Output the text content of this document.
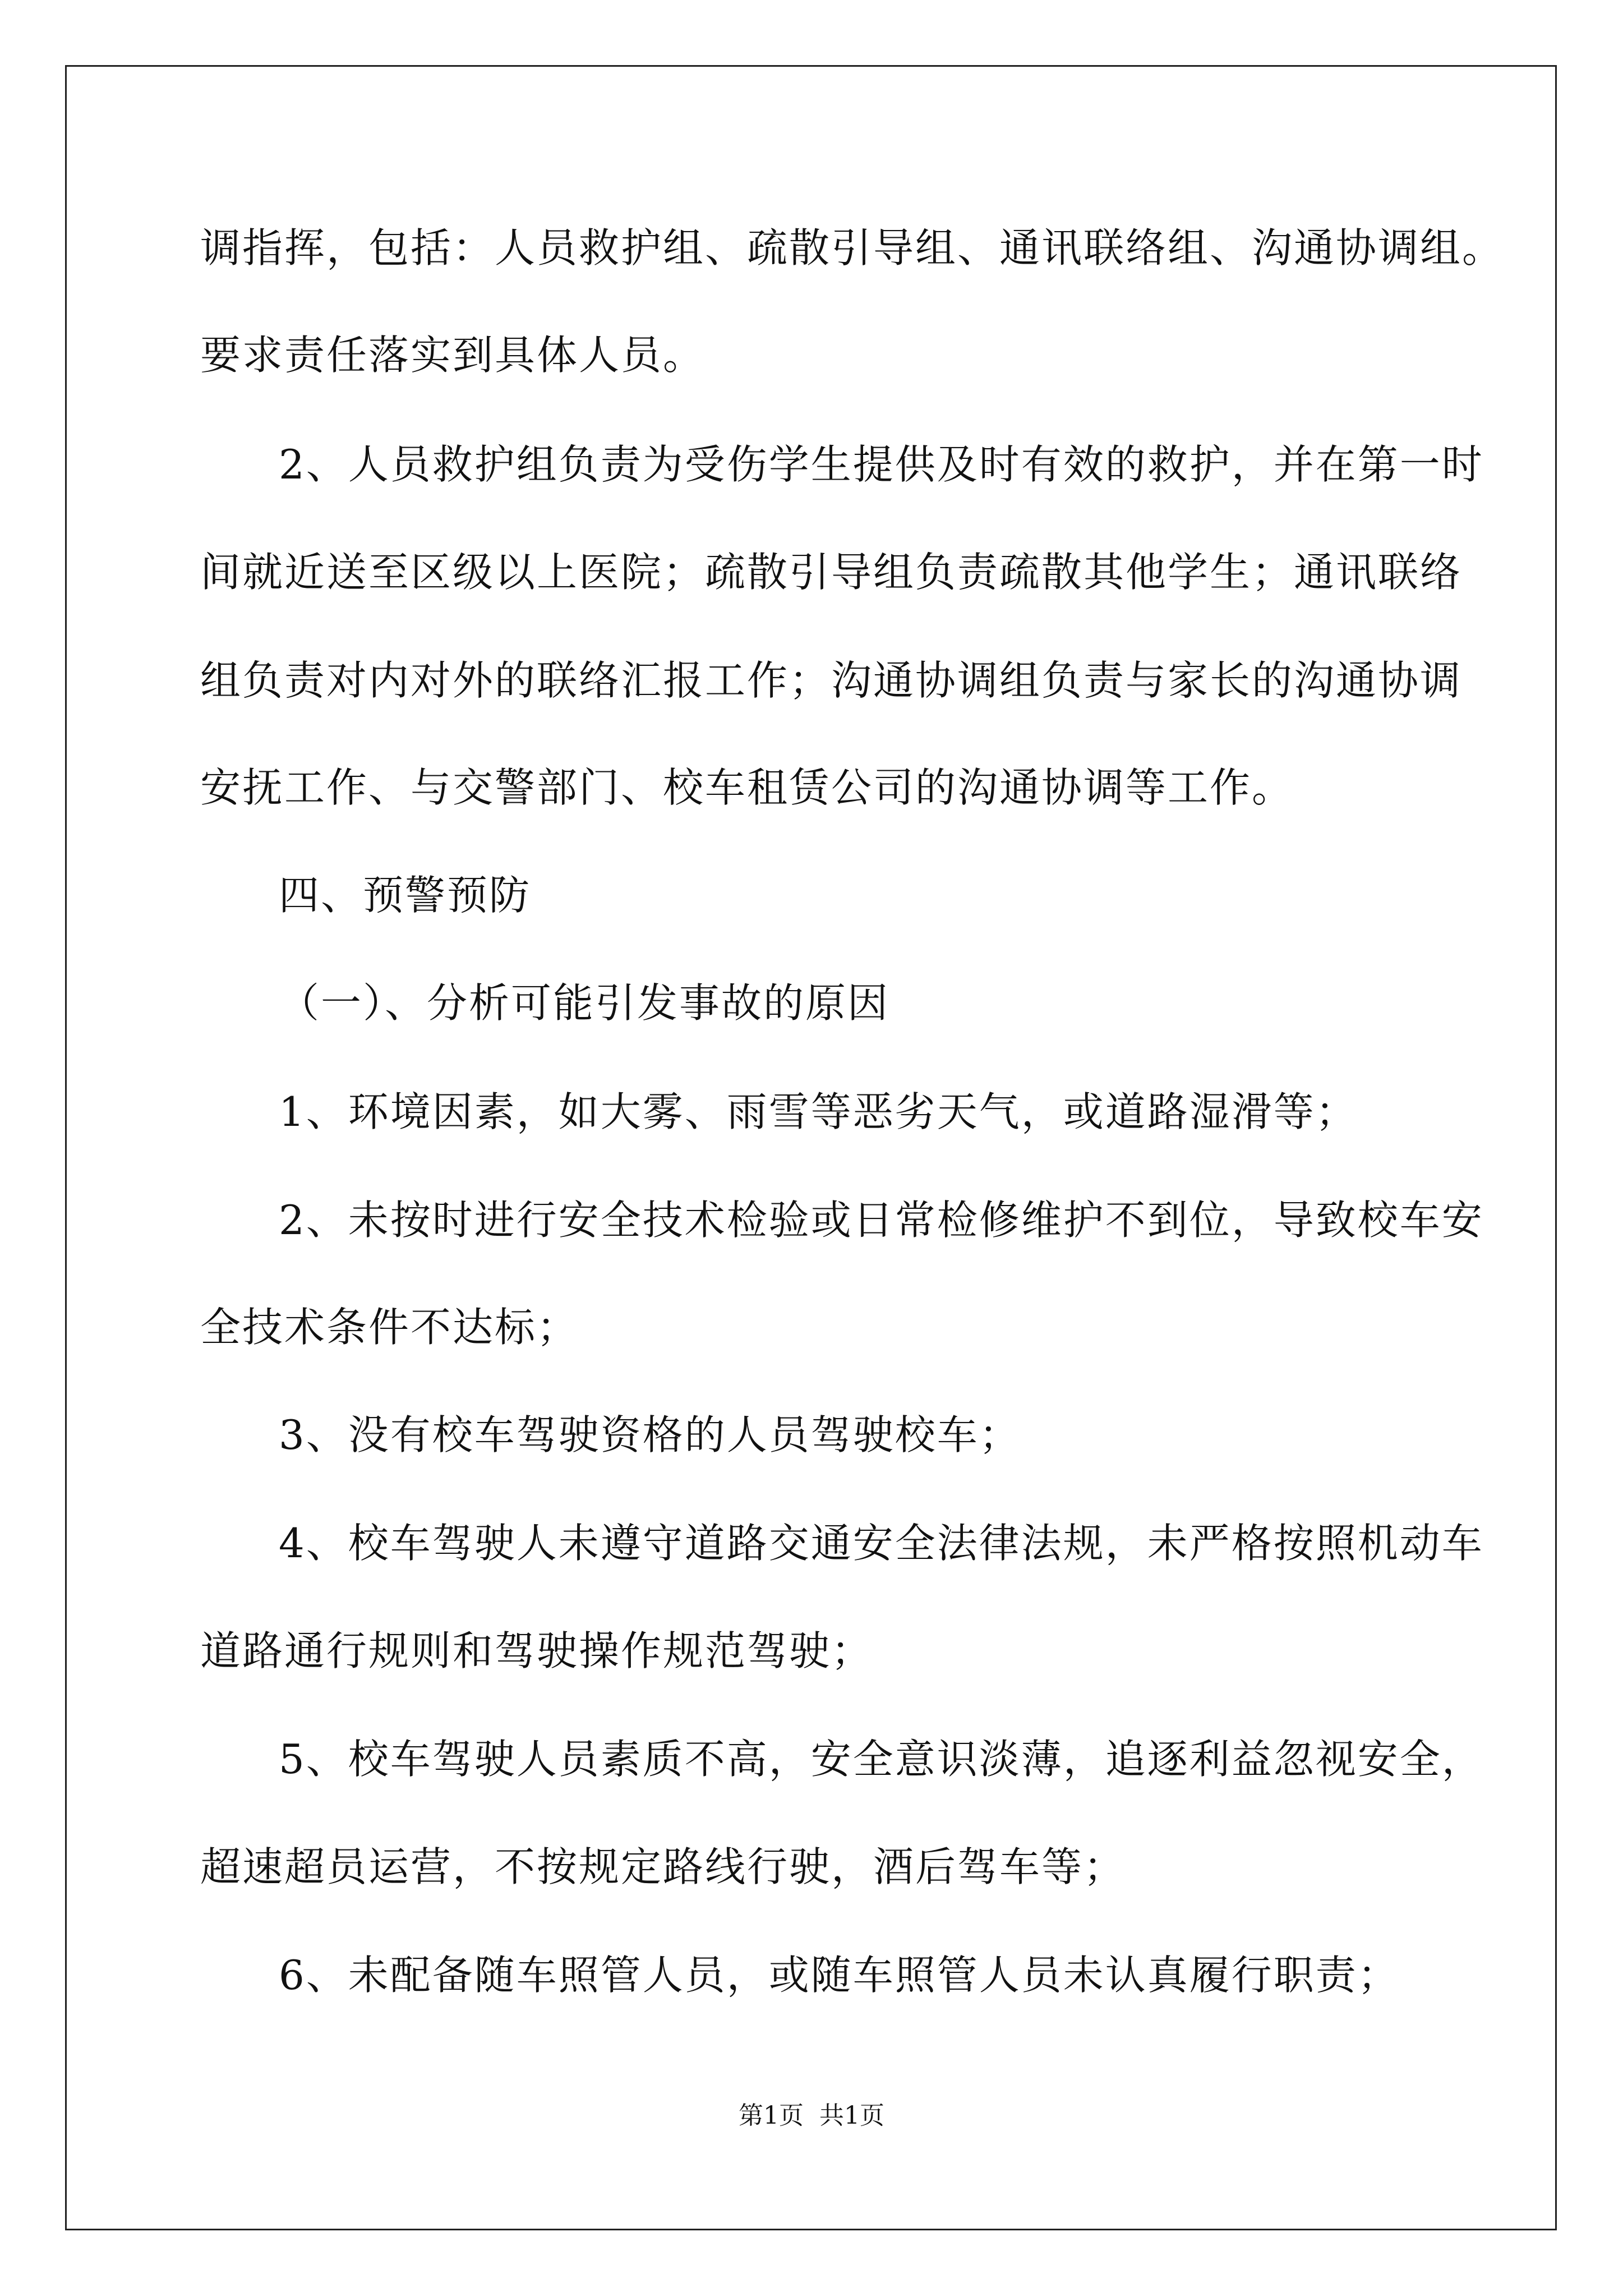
调指挥，包括：人员救护组、疏散引导组、通讯联络组、沟通协调组。
要求责任落实到具体人员。
2、人员救护组负责为受伤学生提供及时有效的救护，并在第一时
间就近送至区级以上医院；疏散引导组负责疏散其他学生；通讯联络
组负责对内对外的联络汇报工作；沟通协调组负责与家长的沟通协调
安抚工作、与交警部门、校车租赁公司的沟通协调等工作。
四、预警预防
（一）、分析可能引发事故的原因
1、环境因素，如大雾、雨雪等恶劣天气，或道路湿滑等；
2、未按时进行安全技术检验或日常检修维护不到位，导致校车安
全技术条件不达标；
3、没有校车驾驶资格的人员驾驶校车；
4、校车驾驶人未遵守道路交通安全法律法规，未严格按照机动车
道路通行规则和驾驶操作规范驾驶；
5、校车驾驶人员素质不高，安全意识淡薄，追逐利益忽视安全，
超速超员运营，不按规定路线行驶，酒后驾车等；
6、未配备随车照管人员，或随车照管人员未认真履行职责；
第1页 共1页
